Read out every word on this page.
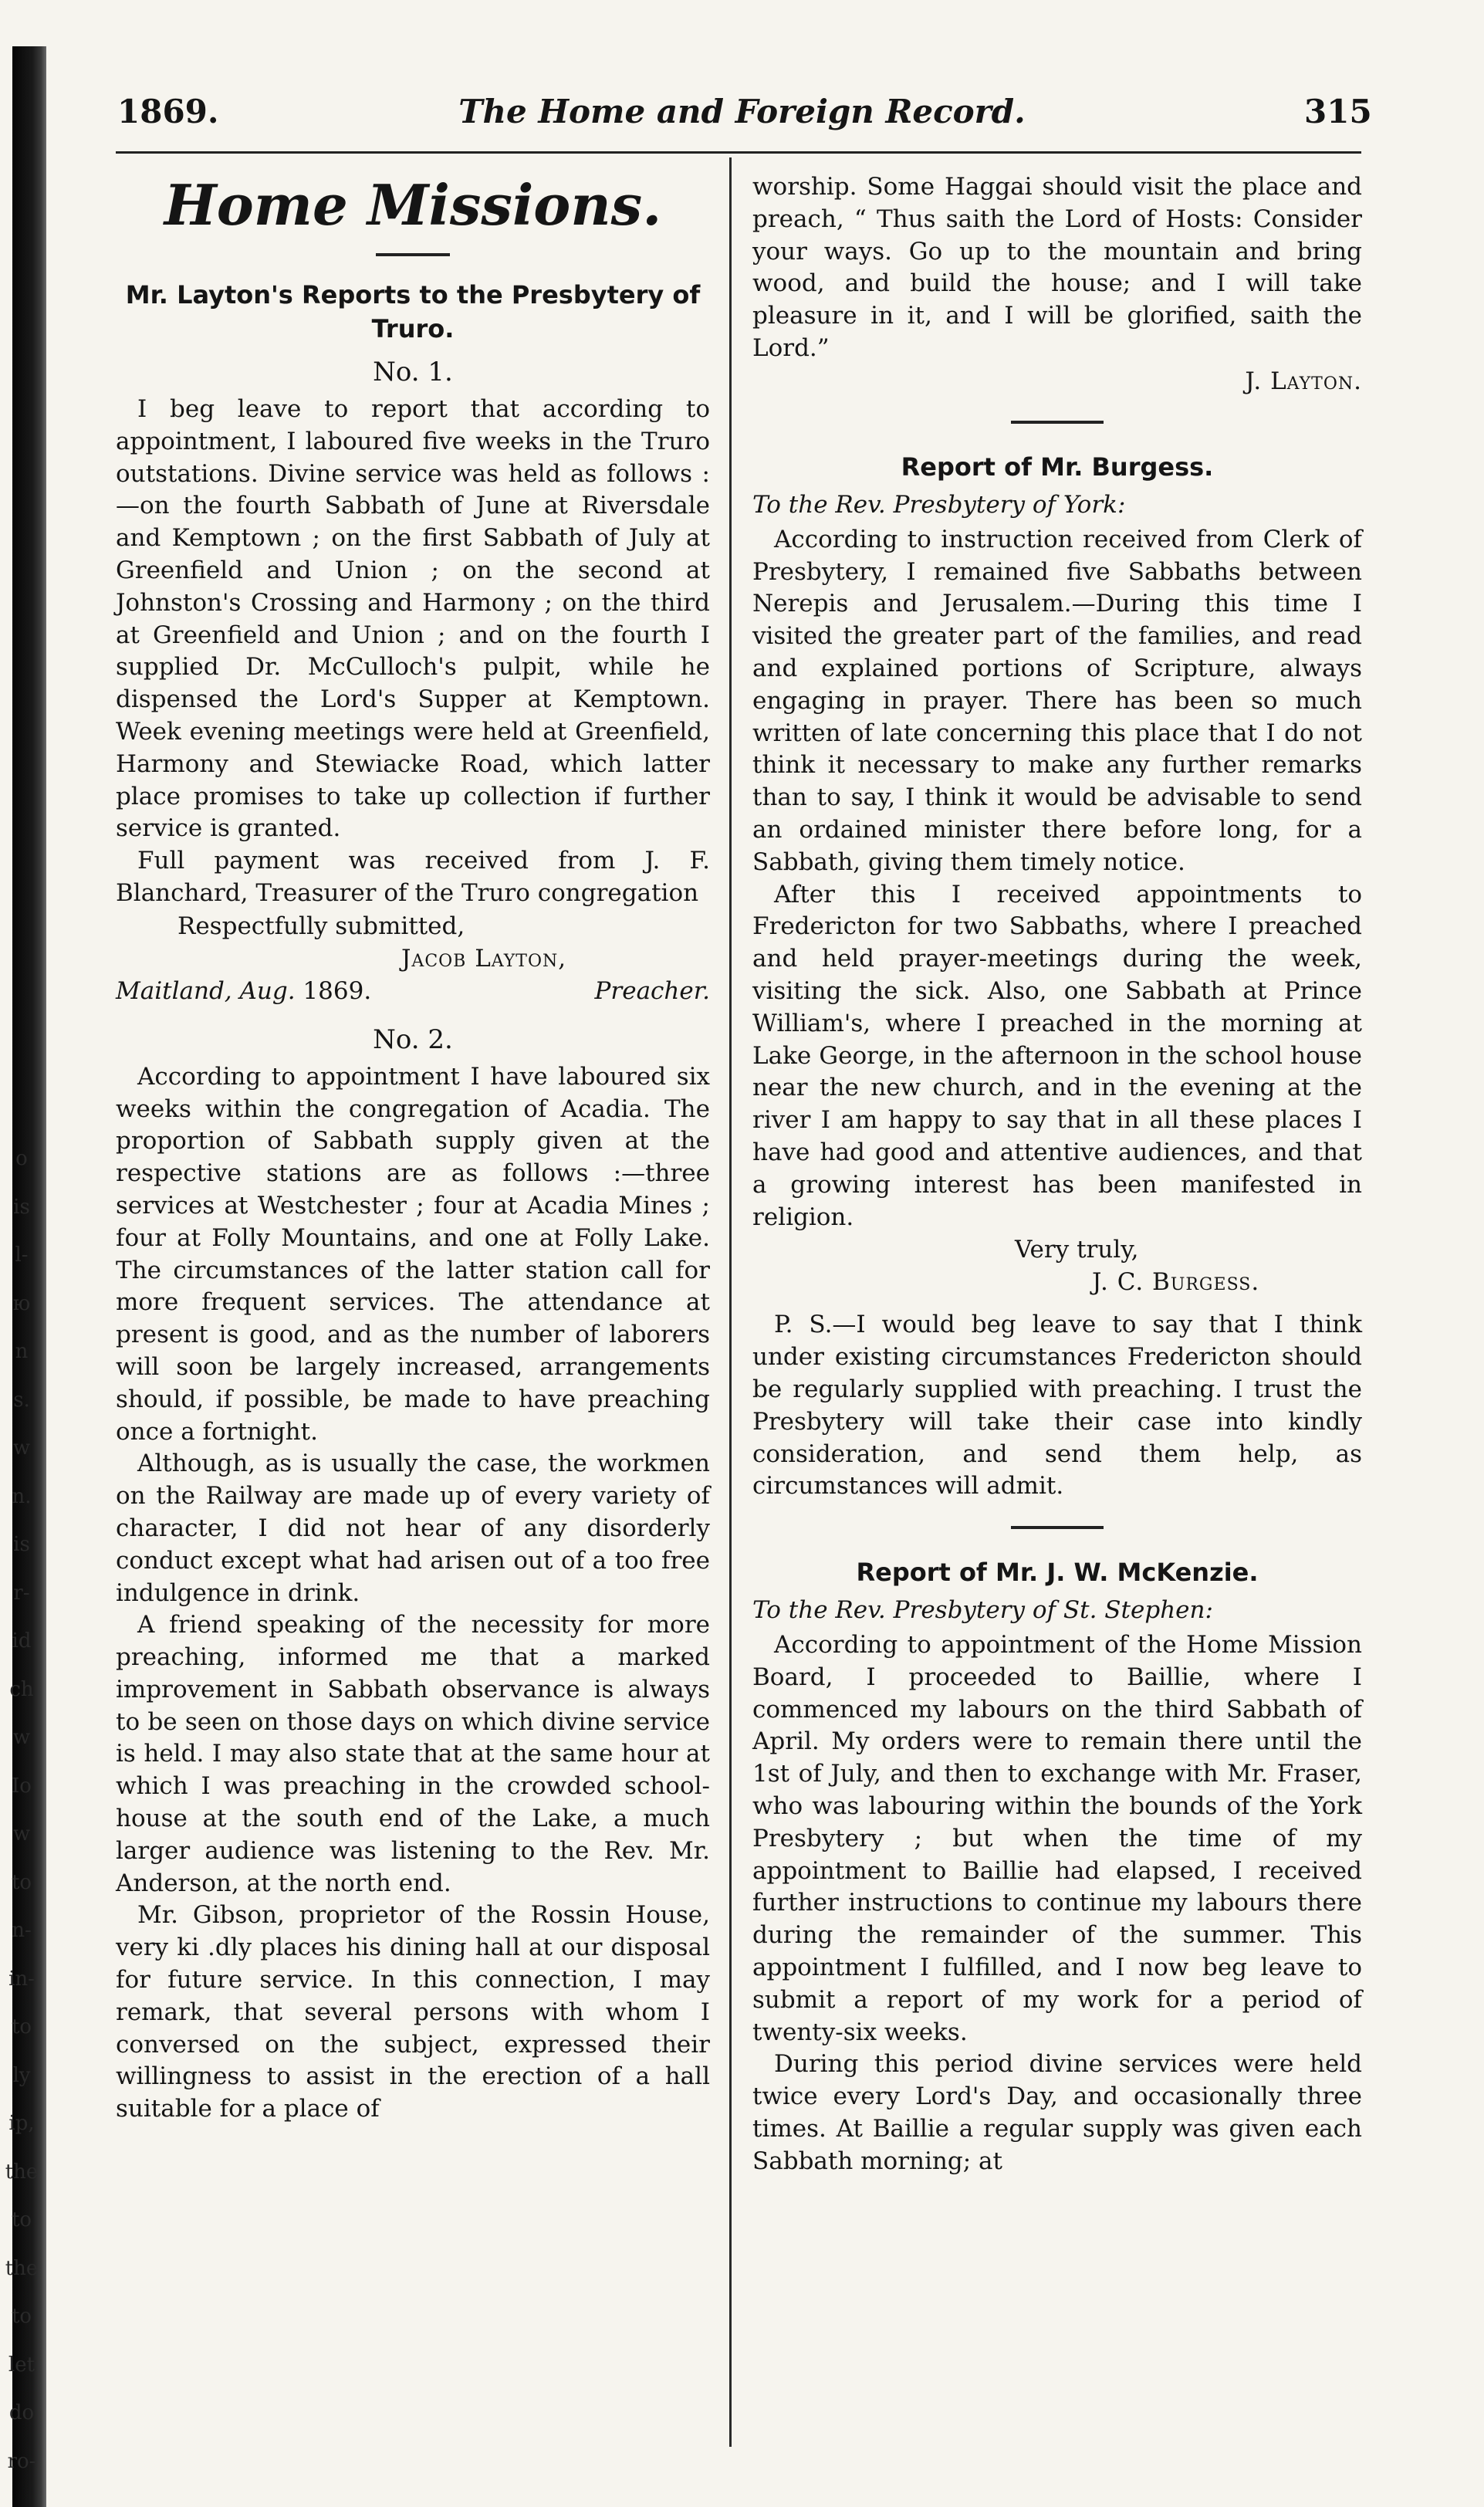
o
is
l-
ю
n
s.
w
n.
is
r-
id
ch
w
Io
w
to
n-
in-
to
ly
ip,
the
to
the
to
let
do
ro-
1869.	The Home and Foreign Record.	315
Home Missions.
Mr. Layton's Reports to the Presbytery of Truro.
No. 1.

I beg leave to report that according to appointment, I laboured five weeks in the Truro outstations. Divine service was held as follows :—on the fourth Sabbath of June at Riversdale and Kemptown ; on the first Sabbath of July at Greenfield and Union ; on the second at Johnston's Crossing and Harmony ; on the third at Greenfield and Union ; and on the fourth I supplied Dr. McCulloch's pulpit, while he dispensed the Lord's Supper at Kemptown. Week evening meetings were held at Greenfield, Harmony and Stewiacke Road, which latter place promises to take up collection if further service is granted.

Full payment was received from J. F. Blanchard, Treasurer of the Truro congregation

Respectfully submitted,

Jacob Layton,

Maitland, Aug. 1869.	Preacher.
No. 2.

According to appointment I have laboured six weeks within the congregation of Acadia. The proportion of Sabbath supply given at the respective stations are as follows :—three services at Westchester ; four at Acadia Mines ; four at Folly Mountains, and one at Folly Lake. The circumstances of the latter station call for more frequent services. The attendance at present is good, and as the number of laborers will soon be largely increased, arrangements should, if possible, be made to have preaching once a fortnight.

Although, as is usually the case, the workmen on the Railway are made up of every variety of character, I did not hear of any disorderly conduct except what had arisen out of a too free indulgence in drink.

A friend speaking of the necessity for more preaching, informed me that a marked improvement in Sabbath observance is always to be seen on those days on which divine service is held. I may also state that at the same hour at which I was preaching in the crowded school-house at the south end of the Lake, a much larger audience was listening to the Rev. Mr. Anderson, at the north end.

Mr. Gibson, proprietor of the Rossin House, very ki .dly places his dining hall at our disposal for future service. In this connection, I may remark, that several persons with whom I conversed on the subject, expressed their willingness to assist in the erection of a hall suitable for a place of

worship. Some Haggai should visit the place and preach, “ Thus saith the Lord of Hosts: Consider your ways. Go up to the mountain and bring wood, and build the house; and I will take pleasure in it, and I will be glorified, saith the Lord.”

J. Layton.

Report of Mr. Burgess.
To the Rev. Presbytery of York:

According to instruction received from Clerk of Presbytery, I remained five Sabbaths between Nerepis and Jerusalem.—During this time I visited the greater part of the families, and read and explained portions of Scripture, always engaging in prayer. There has been so much written of late concerning this place that I do not think it necessary to make any further remarks than to say, I think it would be advisable to send an ordained minister there before long, for a Sabbath, giving them timely notice.

After this I received appointments to Fredericton for two Sabbaths, where I preached and held prayer-meetings during the week, visiting the sick. Also, one Sabbath at Prince William's, where I preached in the morning at Lake George, in the afternoon in the school house near the new church, and in the evening at the river I am happy to say that in all these places I have had good and attentive audiences, and that a growing interest has been manifested in religion.

Very truly,

J. C. Burgess.

P. S.—I would beg leave to say that I think under existing circumstances Fredericton should be regularly supplied with preaching. I trust the Presbytery will take their case into kindly consideration, and send them help, as circumstances will admit.

Report of Mr. J. W. McKenzie.
To the Rev. Presbytery of St. Stephen:

According to appointment of the Home Mission Board, I proceeded to Baillie, where I commenced my labours on the third Sabbath of April. My orders were to remain there until the 1st of July, and then to exchange with Mr. Fraser, who was labouring within the bounds of the York Presbytery ; but when the time of my appointment to Baillie had elapsed, I received further instructions to continue my labours there during the remainder of the summer. This appointment I fulfilled, and I now beg leave to submit a report of my work for a period of twenty-six weeks.

During this period divine services were held twice every Lord's Day, and occasionally three times. At Baillie a regular supply was given each Sabbath morning; at
